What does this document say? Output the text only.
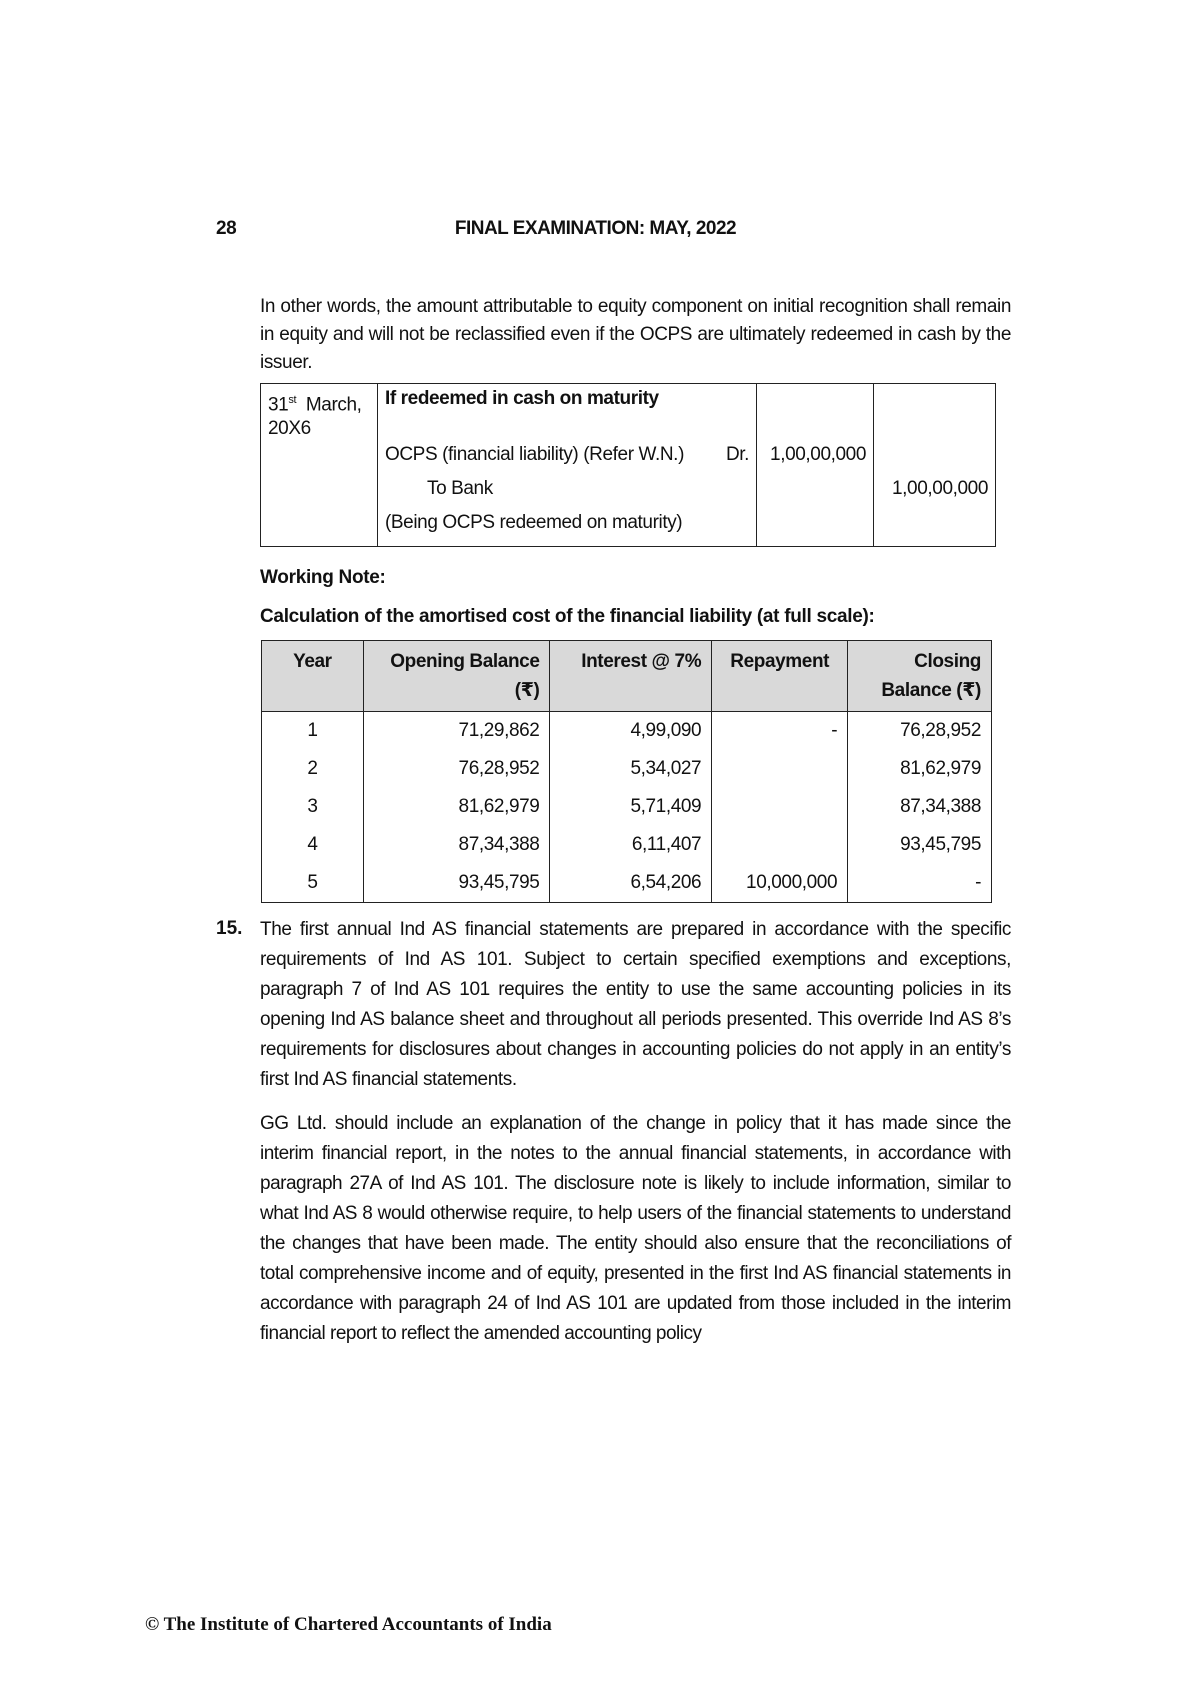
28	FINAL EXAMINATION: MAY, 2022
In other words, the amount attributable to equity component on initial recognition shall remain in equity and will not be reclassified even if the OCPS are ultimately redeemed in cash by the issuer.
31st March,
20X6	If redeemed in cash on maturity		
	OCPS (financial liability) (Refer W.N.) Dr.	1,00,00,000	
	To Bank		1,00,00,000
	(Being OCPS redeemed on maturity)		
Working Note:
Calculation of the amortised cost of the financial liability (at full scale):
Year	Opening Balance (₹)	Interest @ 7%	Repayment	Closing Balance (₹)
1	71,29,862	4,99,090	-	76,28,952
2	76,28,952	5,34,027		81,62,979
3	81,62,979	5,71,409		87,34,388
4	87,34,388	6,11,407		93,45,795
5	93,45,795	6,54,206	10,000,000	-
15. The first annual Ind AS financial statements are prepared in accordance with the specific requirements of Ind AS 101. Subject to certain specified exemptions and exceptions, paragraph 7 of Ind AS 101 requires the entity to use the same accounting policies in its opening Ind AS balance sheet and throughout all periods presented. This override Ind AS 8’s requirements for disclosures about changes in accounting policies do not apply in an entity’s first Ind AS financial statements.
GG Ltd. should include an explanation of the change in policy that it has made since the interim financial report, in the notes to the annual financial statements, in accordance with paragraph 27A of Ind AS 101. The disclosure note is likely to include information, similar to what Ind AS 8 would otherwise require, to help users of the financial statements to understand the changes that have been made. The entity should also ensure that the reconciliations of total comprehensive income and of equity, presented in the first Ind AS financial statements in accordance with paragraph 24 of Ind AS 101 are updated from those included in the interim financial report to reflect the amended accounting policy
© The Institute of Chartered Accountants of India
